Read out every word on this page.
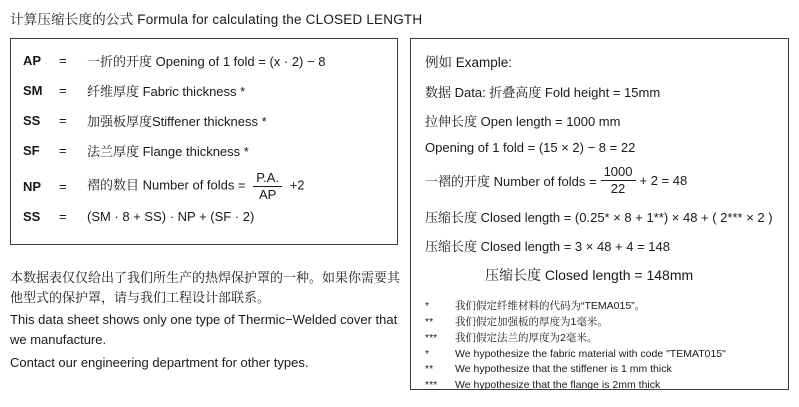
计算压缩长度的公式 Formula for calculating the CLOSED LENGTH
AP	=	一折的开度 Opening of 1 fold = (x · 2) − 8
SM	=	纤维厚度 Fabric thickness *
SS	=	加强板厚度Stiffener thickness *
SF	=	法兰厚度 Flange thickness *
NP	=	褶的数目 Number of folds = $\frac{P.A.}{AP} +2$
SS	=	(SM · 8 + SS) · NP + (SF · 2)

本数据表仅仅给出了我们所生产的热焊保护罩的一种。如果你需要其他型式的保护罩，请与我们工程设计部联系。

This data sheet shows only one type of Thermic−Welded cover that we manufacture.

Contact our engineering department for other types.

例如 Example:
数据 Data: 折叠高度 Fold height = 15mm
拉伸长度 Open length = 1000 mm
Opening of 1 fold = (15 × 2) − 8 = 22
一褶的开度 Number of folds = $\frac{1000}{22} + 2 = 48$
压缩长度 Closed length = (0.25* × 8 + 1**) × 48 + ( 2*** × 2 )
压缩长度 Closed length = 3 × 48 + 4 = 148
压缩长度 Closed length = 148mm
*	我们假定纤维材料的代码为“TEMA015”。
**	我们假定加强板的厚度为1毫米。
***	我们假定法兰的厚度为2毫米。
*	We hypothesize the fabric material with code "TEMAT015"
**	We hypothesize that the stiffener is 1 mm thick
***	We hypothesize that the flange is 2mm thick
